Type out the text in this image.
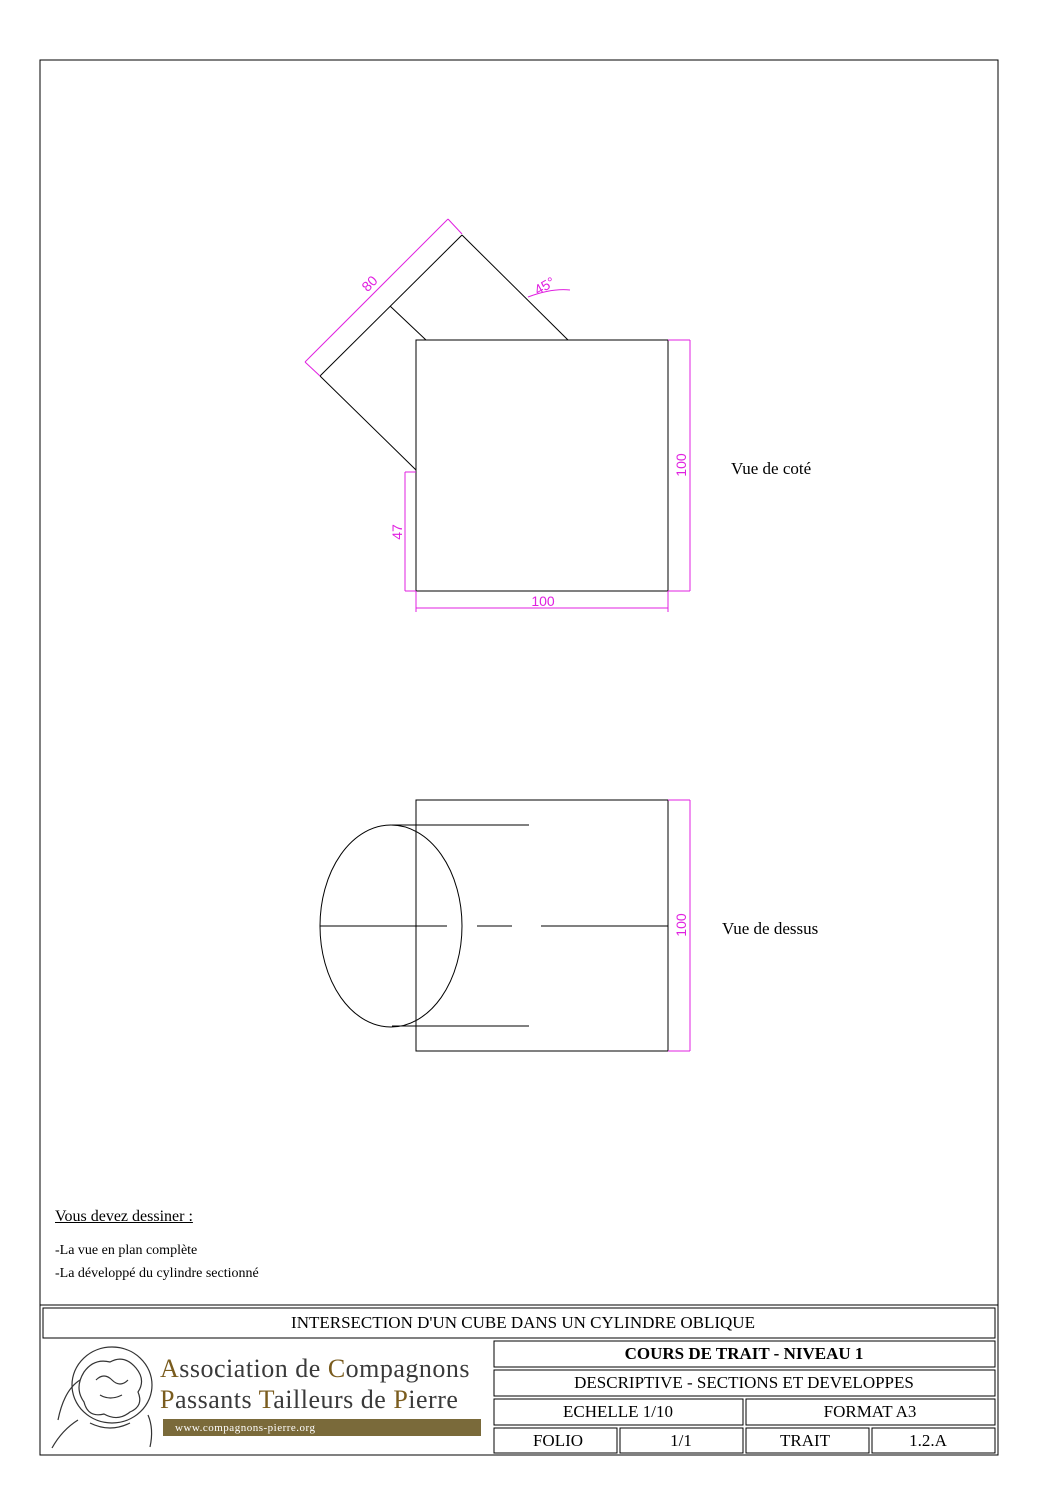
80	45°
100
47
100
Vue de coté
100 Vue de dessus
INTERSECTION D'UN CUBE DANS UN CYLINDRE OBLIQUE
COURS DE TRAIT - NIVEAU 1
DESCRIPTIVE - SECTIONS ET DEVELOPPES
ECHELLE 1/10	FORMAT A3
FOLIO	1/1	TRAIT	1.2.A
Association de Compagnons
Passants Tailleurs de Pierre
www.compagnons-pierre.org

Vous devez dessiner :

-La vue en plan complète

-La développé du cylindre sectionné
